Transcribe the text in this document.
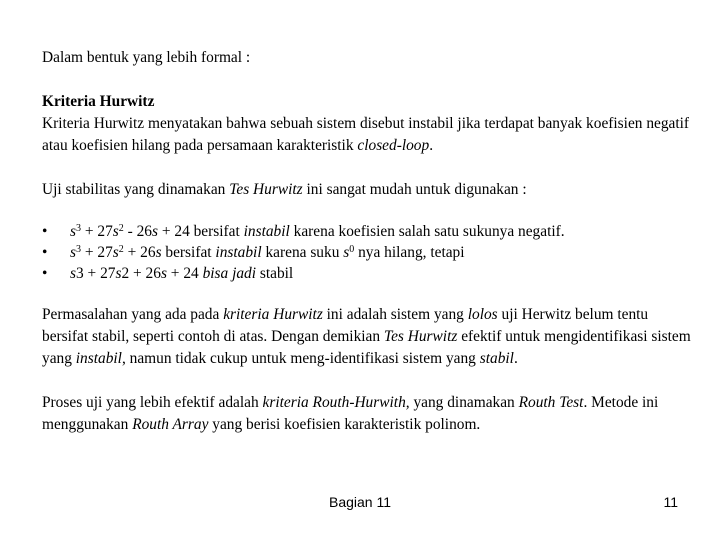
Dalam bentuk yang lebih formal :

Kriteria Hurwitz

Kriteria Hurwitz menyatakan bahwa sebuah sistem disebut instabil jika terdapat banyak koefisien negatif atau koefisien hilang pada persamaan karakteristik closed-loop.

Uji stabilitas yang dinamakan Tes Hurwitz ini sangat mudah untuk digunakan :

• $s^3 + 27s^2 - 26s + 24$ bersifat instabil karena koefisien salah satu sukunya negatif.
• $s^3 + 27s^2 + 26s$ bersifat instabil karena suku $s^0$ nya hilang, tetapi
• s3 + 27s2 + 26s + 24 bisa jadi stabil

Permasalahan yang ada pada kriteria Hurwitz ini adalah sistem yang lolos uji Herwitz belum tentu bersifat stabil, seperti contoh di atas. Dengan demikian Tes Hurwitz efektif untuk mengidentifikasi sistem yang instabil, namun tidak cukup untuk meng-identifikasi sistem yang stabil.

Proses uji yang lebih efektif adalah kriteria Routh-Hurwith, yang dinamakan Routh Test. Metode ini menggunakan Routh Array yang berisi koefisien karakteristik polinom.

Bagian 11	11
